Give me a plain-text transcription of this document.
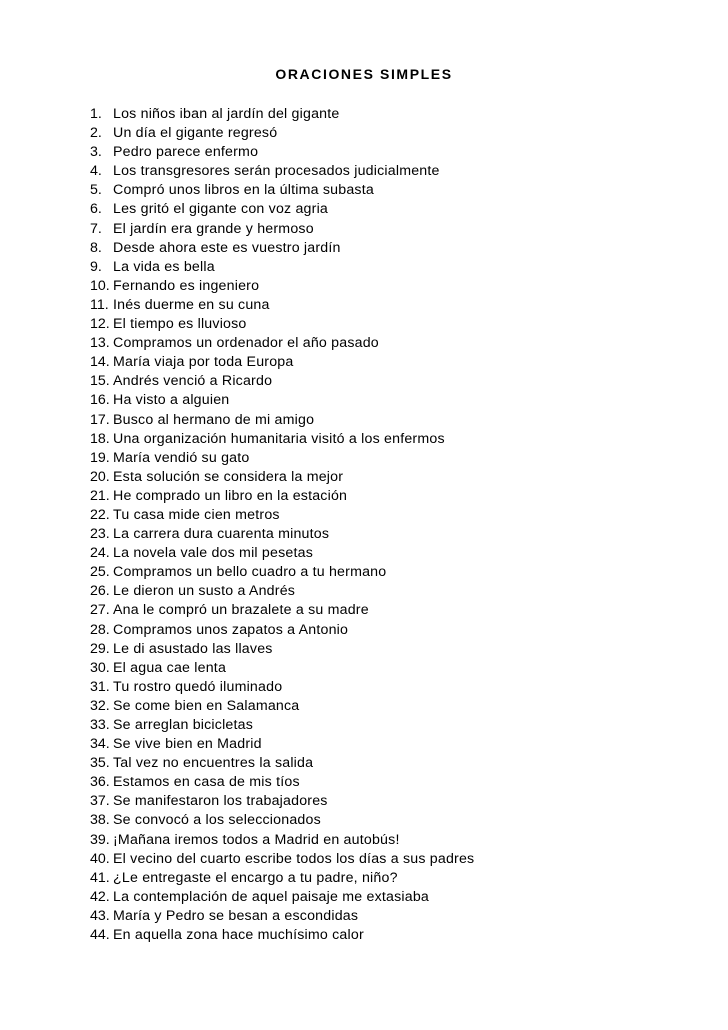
ORACIONES SIMPLES
1. Los niños iban al jardín del gigante
2. Un día el gigante regresó
3. Pedro parece enfermo
4. Los transgresores serán procesados judicialmente
5. Compró unos libros en la última subasta
6. Les gritó el gigante con voz agria
7. El jardín era grande y hermoso
8. Desde ahora este es vuestro jardín
9. La vida es bella
10. Fernando es ingeniero
11. Inés duerme en su cuna
12. El tiempo es lluvioso
13. Compramos un ordenador el año pasado
14. María viaja por toda Europa
15. Andrés venció a Ricardo
16. Ha visto a alguien
17. Busco al hermano de mi amigo
18. Una organización humanitaria visitó a los enfermos
19. María vendió su gato
20. Esta solución se considera la mejor
21. He comprado un libro en la estación
22. Tu casa mide cien metros
23. La carrera dura cuarenta minutos
24. La novela vale dos mil pesetas
25. Compramos un bello cuadro a tu hermano
26. Le dieron un susto a Andrés
27. Ana le compró un brazalete a su madre
28. Compramos unos zapatos a Antonio
29. Le di asustado las llaves
30. El agua cae lenta
31. Tu rostro quedó iluminado
32. Se come bien en Salamanca
33. Se arreglan bicicletas
34. Se vive bien en Madrid
35. Tal vez no encuentres la salida
36. Estamos en casa de mis tíos
37. Se manifestaron los trabajadores
38. Se convocó a los seleccionados
39. ¡Mañana iremos todos a Madrid en autobús!
40. El vecino del cuarto escribe todos los días a sus padres
41. ¿Le entregaste el encargo a tu padre, niño?
42. La contemplación de aquel paisaje me extasiaba
43. María y Pedro se besan a escondidas
44. En aquella zona hace muchísimo calor
